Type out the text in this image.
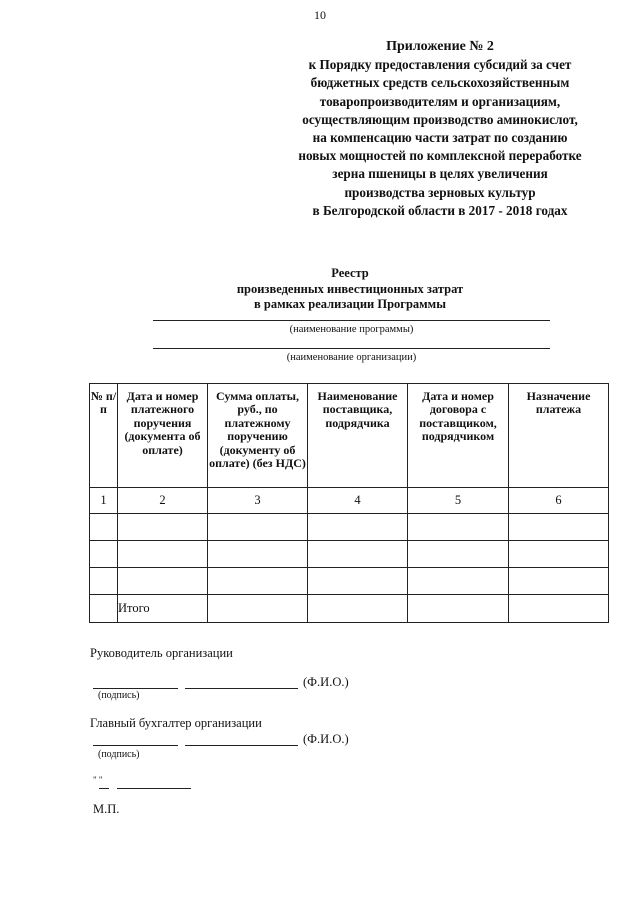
10
Приложение № 2
к Порядку предоставления субсидий за счет
бюджетных средств сельскохозяйственным
товаропроизводителям и организациям,
осуществляющим производство аминокислот,
на компенсацию части затрат по созданию
новых мощностей по комплексной переработке
зерна пшеницы в целях увеличения
производства зерновых культур
в Белгородской области в 2017 - 2018 годах
Реестр
произведенных инвестиционных затрат
в рамках реализации Программы
(наименование программы)
(наименование организации)
№ п/п	Дата и номер платежного поручения (документа об оплате)	Сумма оплаты, руб., по платежному поручению (документу об оплате) (без НДС)	Наименование поставщика, подрядчика	Дата и номер договора с поставщиком, подрядчиком	Назначение платежа
1	2	3	4	5	6

	Итого				
Руководитель организации
(Ф.И.О.)
(подпись)
Главный бухгалтер организации
(Ф.И.О.)
(подпись)
" "
М.П.
